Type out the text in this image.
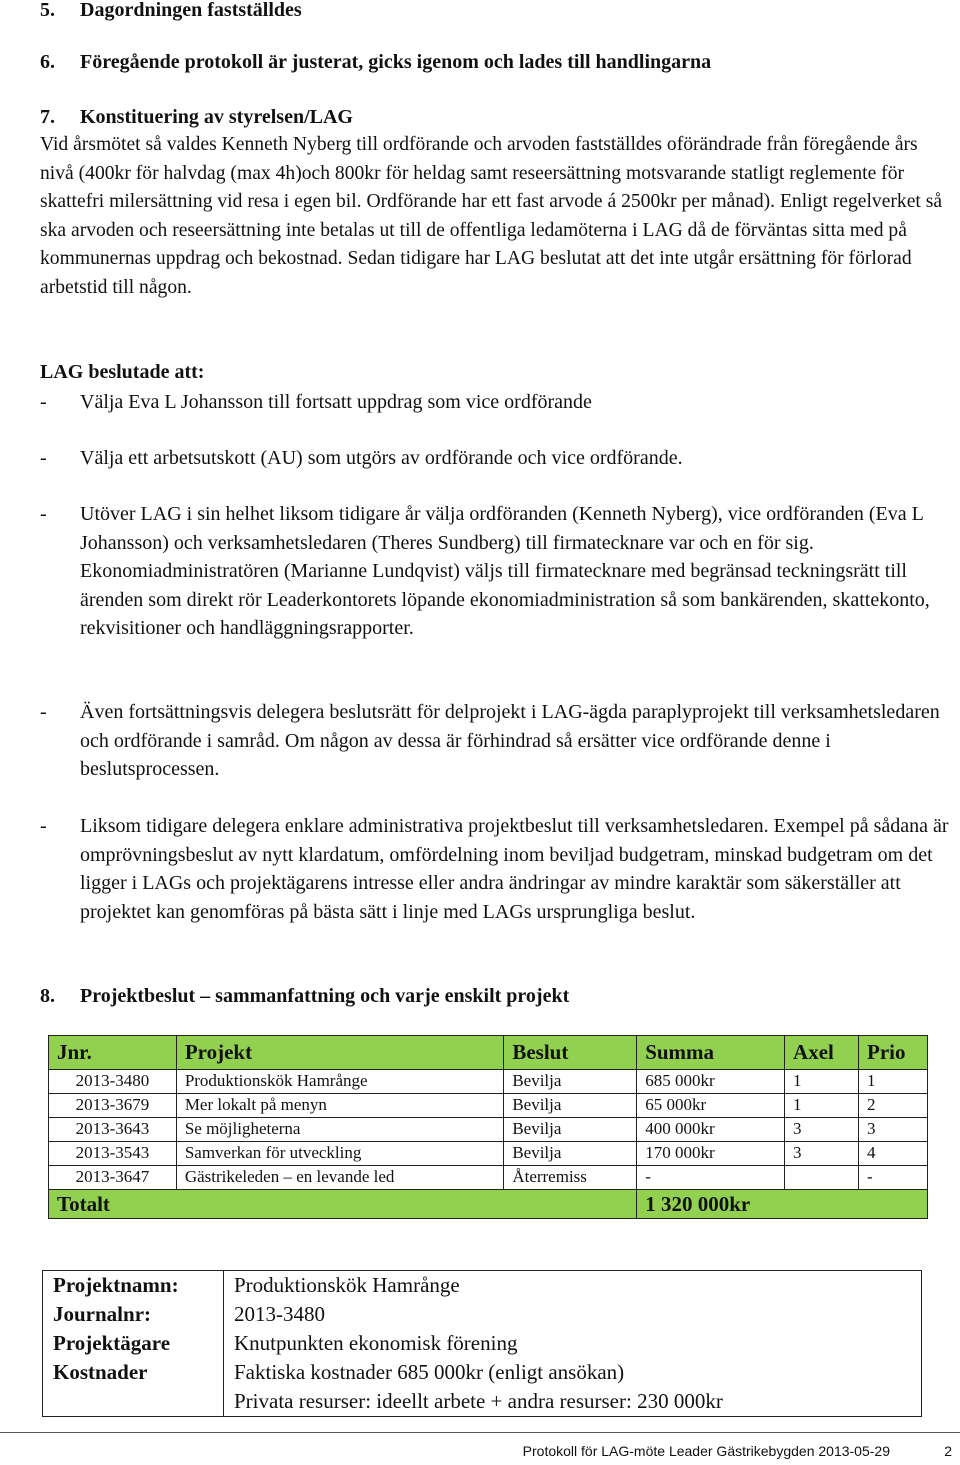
5. Dagordningen fastställdes
6. Föregående protokoll är justerat, gicks igenom och lades till handlingarna
7. Konstituering av styrelsen/LAG
Vid årsmötet så valdes Kenneth Nyberg till ordförande och arvoden fastställdes oförändrade från föregående års nivå (400kr för halvdag (max 4h)och 800kr för heldag samt reseersättning motsvarande statligt reglemente för skattefri milersättning vid resa i egen bil. Ordförande har ett fast arvode á 2500kr per månad). Enligt regelverket så ska arvoden och reseersättning inte betalas ut till de offentliga ledamöterna i LAG då de förväntas sitta med på kommunernas uppdrag och bekostnad. Sedan tidigare har LAG beslutat att det inte utgår ersättning för förlorad arbetstid till någon.
LAG beslutade att:
- Välja Eva L Johansson till fortsatt uppdrag som vice ordförande
- Välja ett arbetsutskott (AU) som utgörs av ordförande och vice ordförande.
- Utöver LAG i sin helhet liksom tidigare år välja ordföranden (Kenneth Nyberg), vice ordföranden (Eva L Johansson) och verksamhetsledaren (Theres Sundberg) till firmatecknare var och en för sig. Ekonomiadministratören (Marianne Lundqvist) väljs till firmatecknare med begränsad teckningsrätt till ärenden som direkt rör Leaderkontorets löpande ekonomiadministration så som bankärenden, skattekonto, rekvisitioner och handläggningsrapporter.
- Även fortsättningsvis delegera beslutsrätt för delprojekt i LAG-ägda paraplyprojekt till verksamhetsledaren och ordförande i samråd. Om någon av dessa är förhindrad så ersätter vice ordförande denne i beslutsprocessen.
- Liksom tidigare delegera enklare administrativa projektbeslut till verksamhetsledaren. Exempel på sådana är omprövningsbeslut av nytt klardatum, omfördelning inom beviljad budgetram, minskad budgetram om det ligger i LAGs och projektägarens intresse eller andra ändringar av mindre karaktär som säkerställer att projektet kan genomföras på bästa sätt i linje med LAGs ursprungliga beslut.
8. Projektbeslut – sammanfattning och varje enskilt projekt
Jnr.	Projekt	Beslut	Summa	Axel	Prio
2013-3480	Produktionskök Hamrånge	Bevilja	685 000kr	1	1
2013-3679	Mer lokalt på menyn	Bevilja	65 000kr	1	2
2013-3643	Se möjligheterna	Bevilja	400 000kr	3	3
2013-3543	Samverkan för utveckling	Bevilja	170 000kr	3	4
2013-3647	Gästrikeleden – en levande led	Återremiss	-		-
Totalt			1 320 000kr		
Projektnamn:	Produktionskök Hamrånge
Journalnr:	2013-3480
Projektägare	Knutpunkten ekonomisk förening
Kostnader	Faktiska kostnader 685 000kr (enligt ansökan)
	Privata resurser: ideellt arbete + andra resurser: 230 000kr
Protokoll för LAG-möte Leader Gästrikebygden 2013-05-29	2
